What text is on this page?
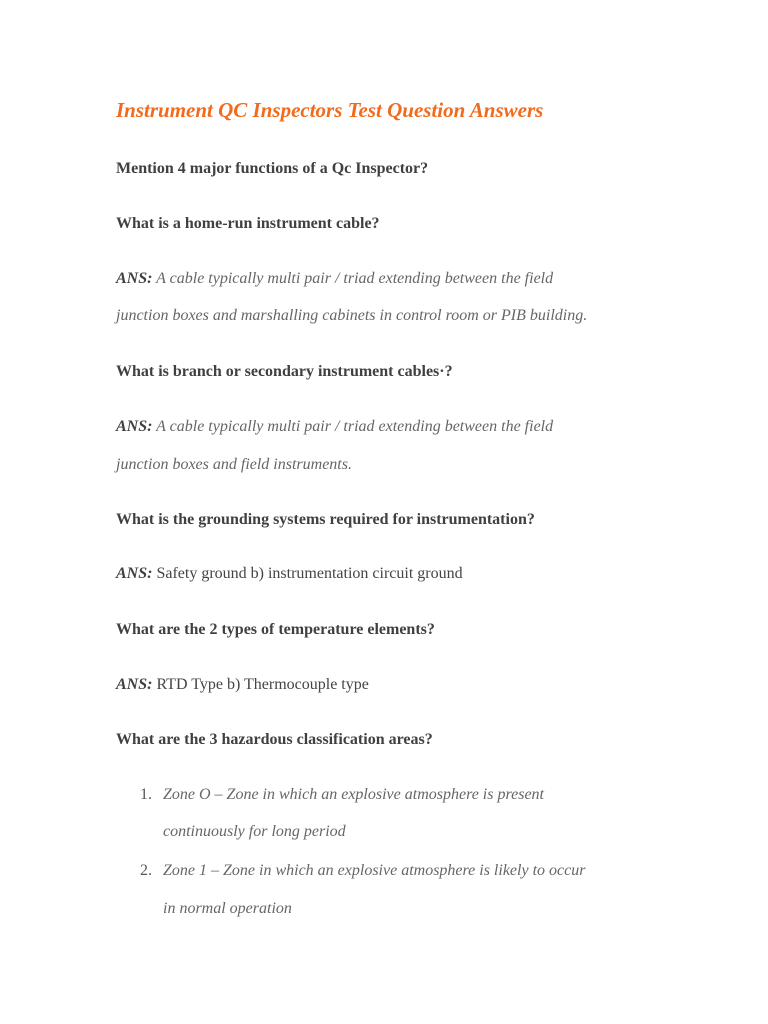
Instrument QC Inspectors Test Question Answers
Mention 4 major functions of a Qc Inspector?
What is a home-run instrument cable?
ANS: A cable typically multi pair / triad extending between the field
junction boxes and marshalling cabinets in control room or PIB building.
What is branch or secondary instrument cables·?
ANS: A cable typically multi pair / triad extending between the field
junction boxes and field instruments.
What is the grounding systems required for instrumentation?
ANS: Safety ground b) instrumentation circuit ground
What are the 2 types of temperature elements?
ANS: RTD Type b) Thermocouple type
What are the 3 hazardous classification areas?
1. Zone O – Zone in which an explosive atmosphere is present
continuously for long period
2. Zone 1 – Zone in which an explosive atmosphere is likely to occur
in normal operation
